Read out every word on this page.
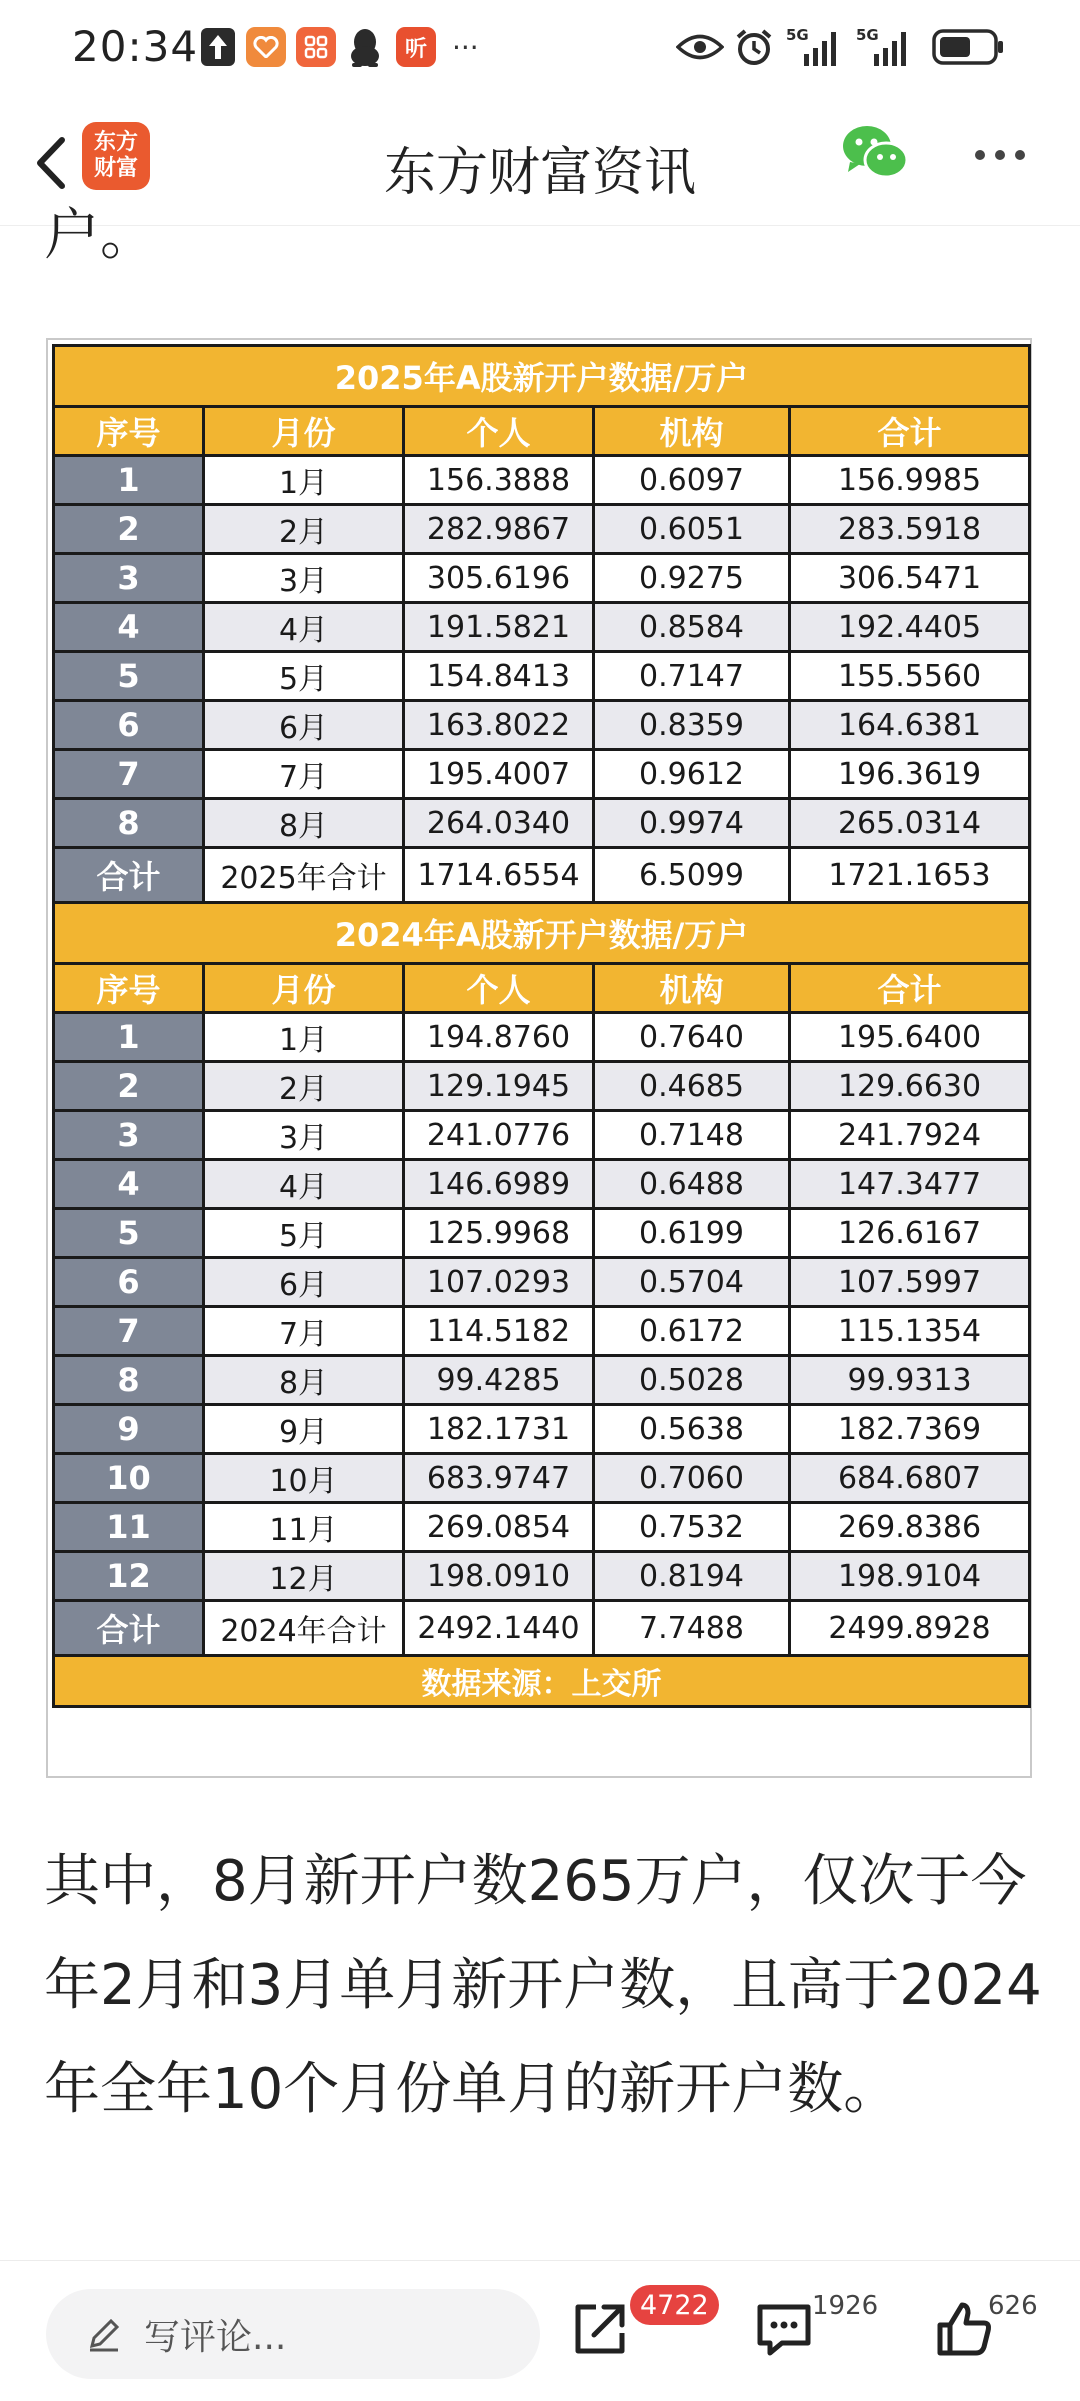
20:34	听 ···	5G	5G
东方
财富	东方财富资讯
户。
2025年A股新开户数据/万户				
序号	月份	个人	机构	合计
1	1月	156.3888	0.6097	156.9985
2	2月	282.9867	0.6051	283.5918
3	3月	305.6196	0.9275	306.5471
4	4月	191.5821	0.8584	192.4405
5	5月	154.8413	0.7147	155.5560
6	6月	163.8022	0.8359	164.6381
7	7月	195.4007	0.9612	196.3619
8	8月	264.0340	0.9974	265.0314
合计	2025年合计	1714.6554	6.5099	1721.1653
2024年A股新开户数据/万户				
序号	月份	个人	机构	合计
1	1月	194.8760	0.7640	195.6400
2	2月	129.1945	0.4685	129.6630
3	3月	241.0776	0.7148	241.7924
4	4月	146.6989	0.6488	147.3477
5	5月	125.9968	0.6199	126.6167
6	6月	107.0293	0.5704	107.5997
7	7月	114.5182	0.6172	115.1354
8	8月	99.4285	0.5028	99.9313
9	9月	182.1731	0.5638	182.7369
10	10月	683.9747	0.7060	684.6807
11	11月	269.0854	0.7532	269.8386
12	12月	198.0910	0.8194	198.9104
合计	2024年合计	2492.1440	7.7488	2499.8928
数据来源：上交所				
其中，8月新开户数265万户，仅次于今年2月和3月单月新开户数，且高于2024年全年10个月份单月的新开户数。
写评论...
4722	1926	626
